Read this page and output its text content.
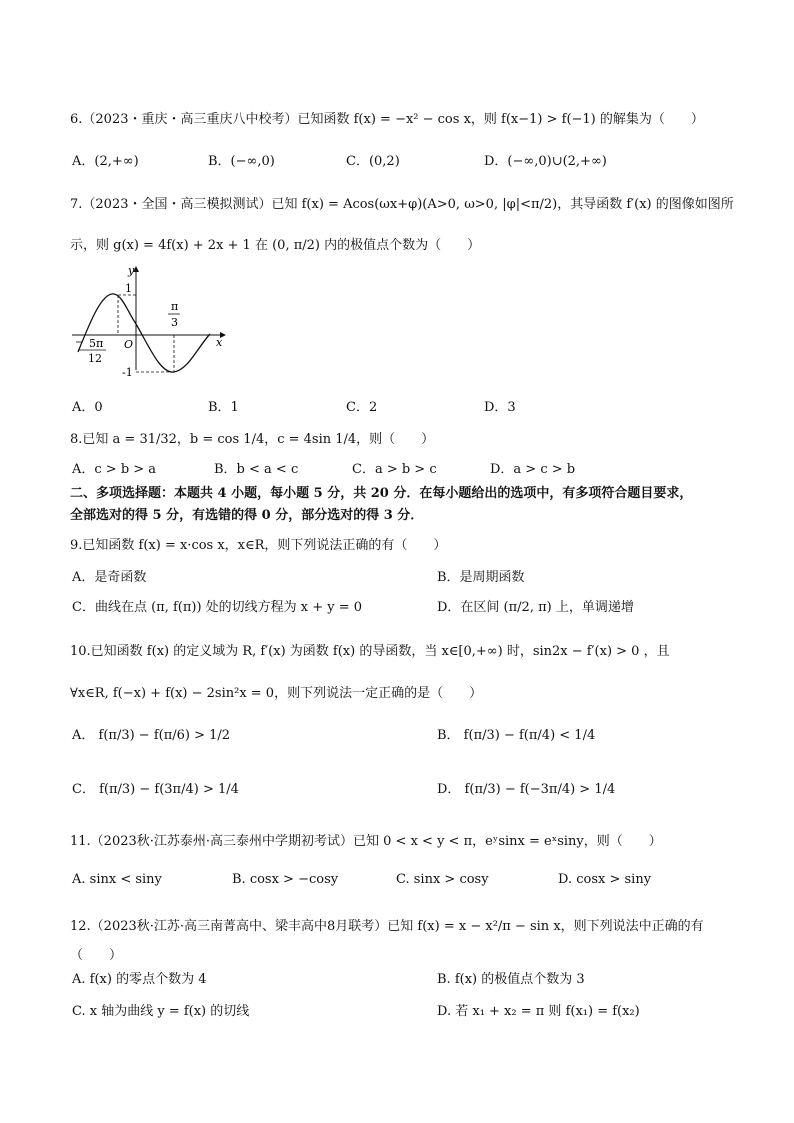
6.（2023・重庆・高三重庆八中校考）已知函数 f(x) = −x² − cos x，则 f(x−1) > f(−1) 的解集为（　　）
A．(2,+∞)	B．(−∞,0)	C．(0,2)	D．(−∞,0)∪(2,+∞)
7.（2023・全国・高三模拟测试）已知 f(x) = Acos(ωx+φ)(A>0, ω>0, |φ|<π/2)，其导函数 f′(x) 的图像如图所
示，则 g(x) = 4f(x) + 2x + 1 在 (0, π/2) 内的极值点个数为（　　）
y
x
O
1
-1
π
3
5π
12
A．0	B．1	C．2	D．3
8.已知 a = 31/32，b = cos 1/4，c = 4sin 1/4，则（　　）
A．c > b > a	B．b < a < c	C．a > b > c	D．a > c > b
二、多项选择题：本题共 4 小题，每小题 5 分，共 20 分．在每小题给出的选项中，有多项符合题目要求，
全部选对的得 5 分，有选错的得 0 分，部分选对的得 3 分．
9.已知函数 f(x) = x·cos x，x∈R，则下列说法正确的有（　　）
A．是奇函数	B．是周期函数
C．曲线在点 (π, f(π)) 处的切线方程为 x + y = 0	D．在区间 (π/2, π) 上，单调递增
10.已知函数 f(x) 的定义域为 R, f′(x) 为函数 f(x) 的导函数，当 x∈[0,+∞) 时，sin2x − f′(x) > 0 ，且
∀x∈R, f(−x) + f(x) − 2sin²x = 0，则下列说法一定正确的是（　　）
A． f(π/3) − f(π/6) > 1/2	B． f(π/3) − f(π/4) < 1/4
C． f(π/3) − f(3π/4) > 1/4	D． f(π/3) − f(−3π/4) > 1/4
11.（2023秋·江苏泰州·高三泰州中学期初考试）已知 0 < x < y < π，eʸsinx = eˣsiny，则（　　）
A. sinx < siny	B. cosx > −cosy	C. sinx > cosy	D. cosx > siny
12.（2023秋·江苏·高三南菁高中、梁丰高中8月联考）已知 f(x) = x − x²/π − sin x，则下列说法中正确的有
（　　）
A. f(x) 的零点个数为 4	B. f(x) 的极值点个数为 3
C. x 轴为曲线 y = f(x) 的切线	D. 若 x₁ + x₂ = π 则 f(x₁) = f(x₂)
